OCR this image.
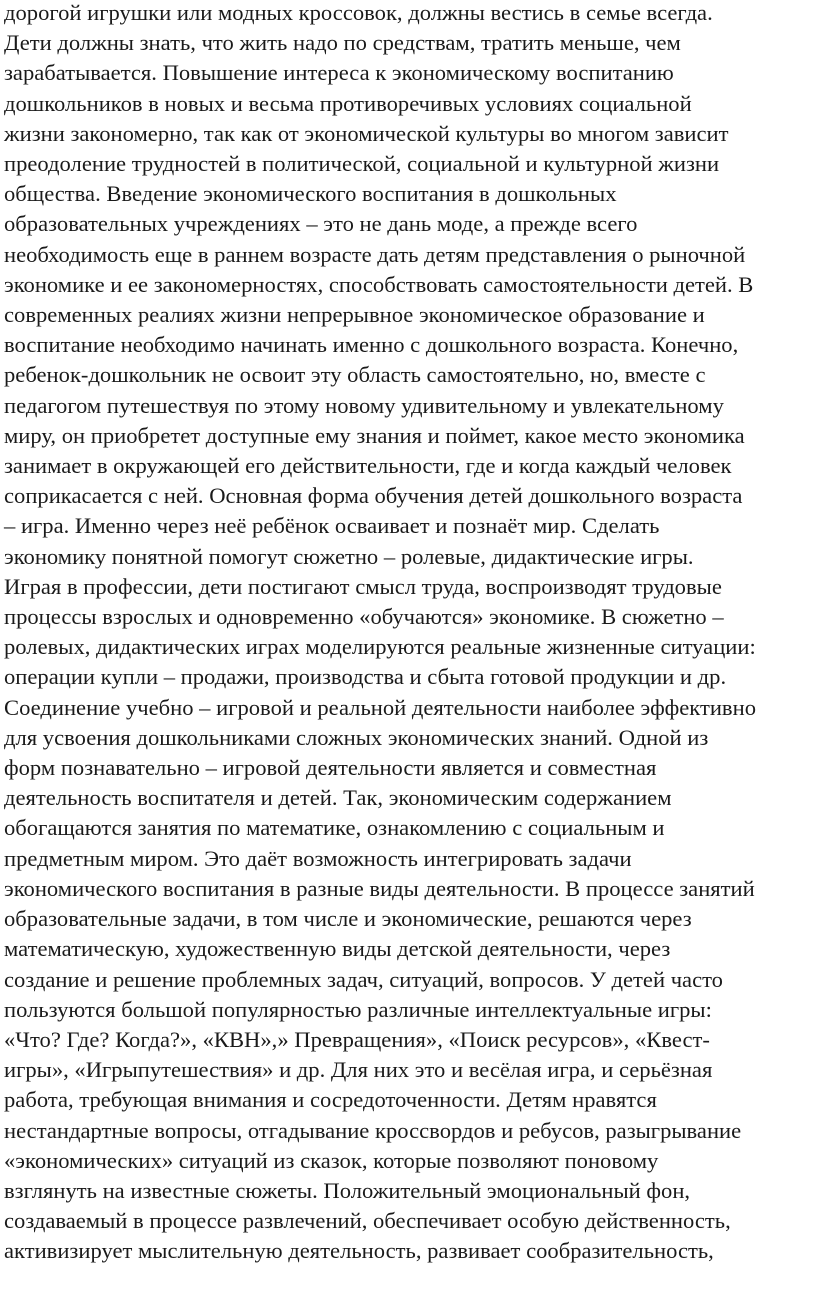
дорогой игрушки или модных кроссовок, должны вестись в семье всегда.
Дети должны знать, что жить надо по средствам, тратить меньше, чем
зарабатывается. Повышение интереса к экономическому воспитанию
дошкольников в новых и весьма противоречивых условиях социальной
жизни закономерно, так как от экономической культуры во многом зависит
преодоление трудностей в политической, социальной и культурной жизни
общества. Введение экономического воспитания в дошкольных
образовательных учреждениях – это не дань моде, а прежде всего
необходимость еще в раннем возрасте дать детям представления о рыночной
экономике и ее закономерностях, способствовать самостоятельности детей. В
современных реалиях жизни непрерывное экономическое образование и
воспитание необходимо начинать именно с дошкольного возраста. Конечно,
ребенок-дошкольник не освоит эту область самостоятельно, но, вместе с
педагогом путешествуя по этому новому удивительному и увлекательному
миру, он приобретет доступные ему знания и поймет, какое место экономика
занимает в окружающей его действительности, где и когда каждый человек
соприкасается с ней. Основная форма обучения детей дошкольного возраста
– игра. Именно через неё ребёнок осваивает и познаёт мир. Сделать
экономику понятной помогут сюжетно – ролевые, дидактические игры.
Играя в профессии, дети постигают смысл труда, воспроизводят трудовые
процессы взрослых и одновременно «обучаются» экономике. В сюжетно –
ролевых, дидактических играх моделируются реальные жизненные ситуации:
операции купли – продажи, производства и сбыта готовой продукции и др.
Соединение учебно – игровой и реальной деятельности наиболее эффективно
для усвоения дошкольниками сложных экономических знаний. Одной из
форм познавательно – игровой деятельности является и совместная
деятельность воспитателя и детей. Так, экономическим содержанием
обогащаются занятия по математике, ознакомлению с социальным и
предметным миром. Это даёт возможность интегрировать задачи
экономического воспитания в разные виды деятельности. В процессе занятий
образовательные задачи, в том числе и экономические, решаются через
математическую, художественную виды детской деятельности, через
создание и решение проблемных задач, ситуаций, вопросов. У детей часто
пользуются большой популярностью различные интеллектуальные игры:
«Что? Где? Когда?», «КВН»,» Превращения», «Поиск ресурсов», «Квест-
игры», «Игрыпутешествия» и др. Для них это и весёлая игра, и серьёзная
работа, требующая внимания и сосредоточенности. Детям нравятся
нестандартные вопросы, отгадывание кроссвордов и ребусов, разыгрывание
«экономических» ситуаций из сказок, которые позволяют поновому
взглянуть на известные сюжеты. Положительный эмоциональный фон,
создаваемый в процессе развлечений, обеспечивает особую действенность,
активизирует мыслительную деятельность, развивает сообразительность,
